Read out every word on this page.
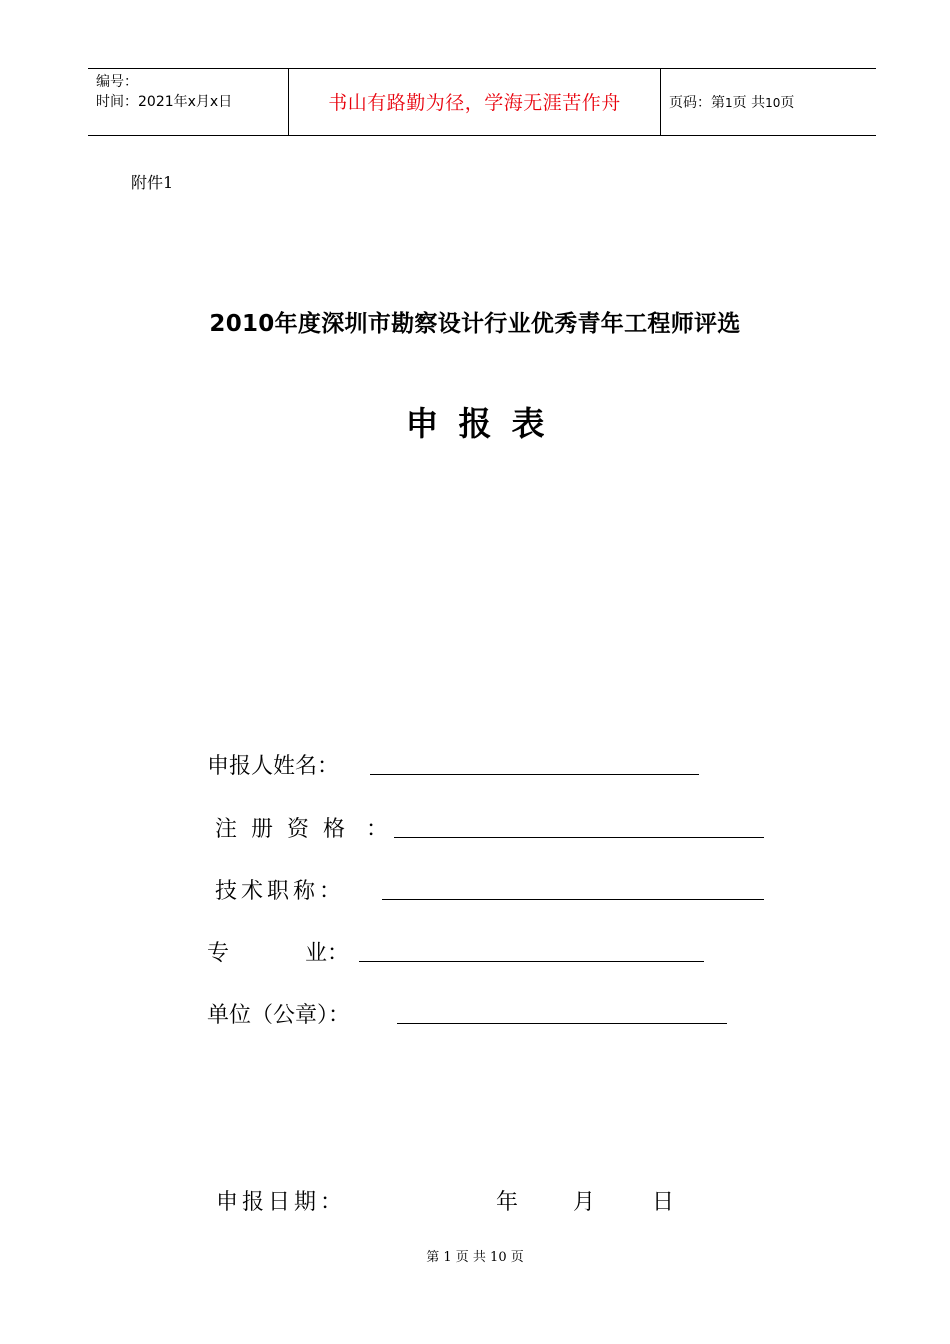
编号：
时间：2021年x月x日	书山有路勤为径，学海无涯苦作舟	页码：第1页 共10页
附件1
2010年度深圳市勘察设计行业优秀青年工程师评选
申报表
申报人姓名：
注册资格 ：
技术职称：
专	业：
单位（公章）：
申报日期：	年 月	日
第 1 页 共 10 页
